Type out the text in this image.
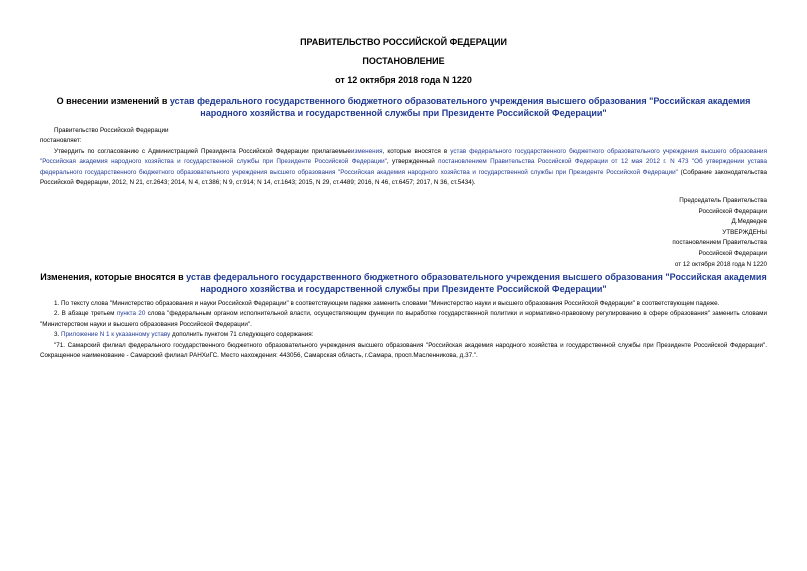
ПРАВИТЕЛЬСТВО РОССИЙСКОЙ ФЕДЕРАЦИИ
ПОСТАНОВЛЕНИЕ
от 12 октября 2018 года N 1220
О внесении изменений в устав федерального государственного бюджетного образовательного учреждения высшего образования "Российская академия народного хозяйства и государственной службы при Президенте Российской Федерации"
Правительство Российской Федерации
постановляет:
Утвердить по согласованию с Администрацией Президента Российской Федерации прилагаемыеизменения, которые вносятся в устав федерального государственного бюджетного образовательного учреждения высшего образования "Российская академия народного хозяйства и государственной службы при Президенте Российской Федерации", утвержденный постановлением Правительства Российской Федерации от 12 мая 2012 г. N 473 "Об утверждении устава федерального государственного бюджетного образовательного учреждения высшего образования "Российская академия народного хозяйства и государственной службы при Президенте Российской Федерации" (Собрание законодательства Российской Федерации, 2012, N 21, ст.2643; 2014, N 4, ст.386; N 9, ст.914; N 14, ст.1643; 2015, N 29, ст.4489; 2016, N 46, ст.6457; 2017, N 36, ст.5434).
Председатель Правительства
Российской Федерации
Д.Медведев
УТВЕРЖДЕНЫ
постановлением Правительства
Российской Федерации
от 12 октября 2018 года N 1220
Изменения, которые вносятся в устав федерального государственного бюджетного образовательного учреждения высшего образования "Российская академия народного хозяйства и государственной службы при Президенте Российской Федерации"
1. По тексту слова "Министерство образования и науки Российской Федерации" в соответствующем падеже заменить словами "Министерство науки и высшего образования Российской Федерации" в соответствующем падеже.
2. В абзаце третьем пункта 20 слова "федеральным органом исполнительной власти, осуществляющим функции по выработке государственной политики и нормативно-правовому регулированию в сфере образования" заменить словами "Министерством науки и высшего образования Российской Федерации".
3. Приложение N 1 к указанному уставу дополнить пунктом 71 следующего содержания:
"71. Самарский филиал федерального государственного бюджетного образовательного учреждения высшего образования "Российская академия народного хозяйства и государственной службы при Президенте Российской Федерации". Сокращенное наименование - Самарский филиал РАНХиГС. Место нахождения: 443056, Самарская область, г.Самара, просп.Масленникова, д.37.".
